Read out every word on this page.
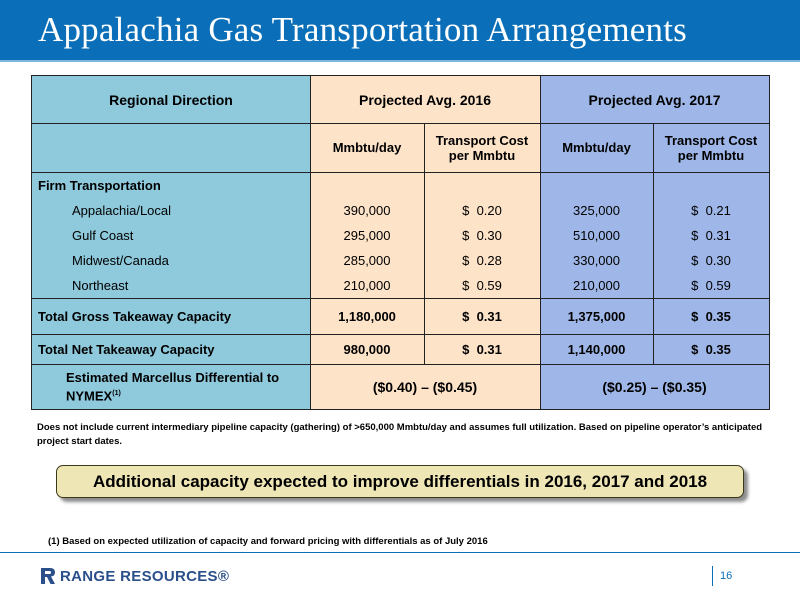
Appalachia Gas Transportation Arrangements
Regional Direction	Projected Avg. 2016	Projected Avg. 2017
Mmbtu/day	Transport Cost per Mmbtu	Mmbtu/day	Transport Cost per Mmbtu
Firm Transportation
Appalachia/Local	390,000	$  0.20	325,000	$  0.21
Gulf Coast	295,000	$  0.30	510,000	$  0.31
Midwest/Canada	285,000	$  0.28	330,000	$  0.30
Northeast	210,000	$  0.59	210,000	$  0.59
Total Gross Takeaway Capacity	1,180,000	$  0.31	1,375,000	$  0.35
Total Net Takeaway Capacity	980,000	$  0.31	1,140,000	$  0.35
Estimated Marcellus Differential to NYMEX$^{(1)}$	($0.40) – ($0.45)	($0.25) – ($0.35)
Does not include current intermediary pipeline capacity (gathering) of >650,000 Mmbtu/day and assumes full utilization. Based on pipeline operator’s anticipated project start dates.
Additional capacity expected to improve differentials in 2016, 2017 and 2018
(1) Based on expected utilization of capacity and forward pricing with differentials as of July 2016
RANGE RESOURCES®	16
